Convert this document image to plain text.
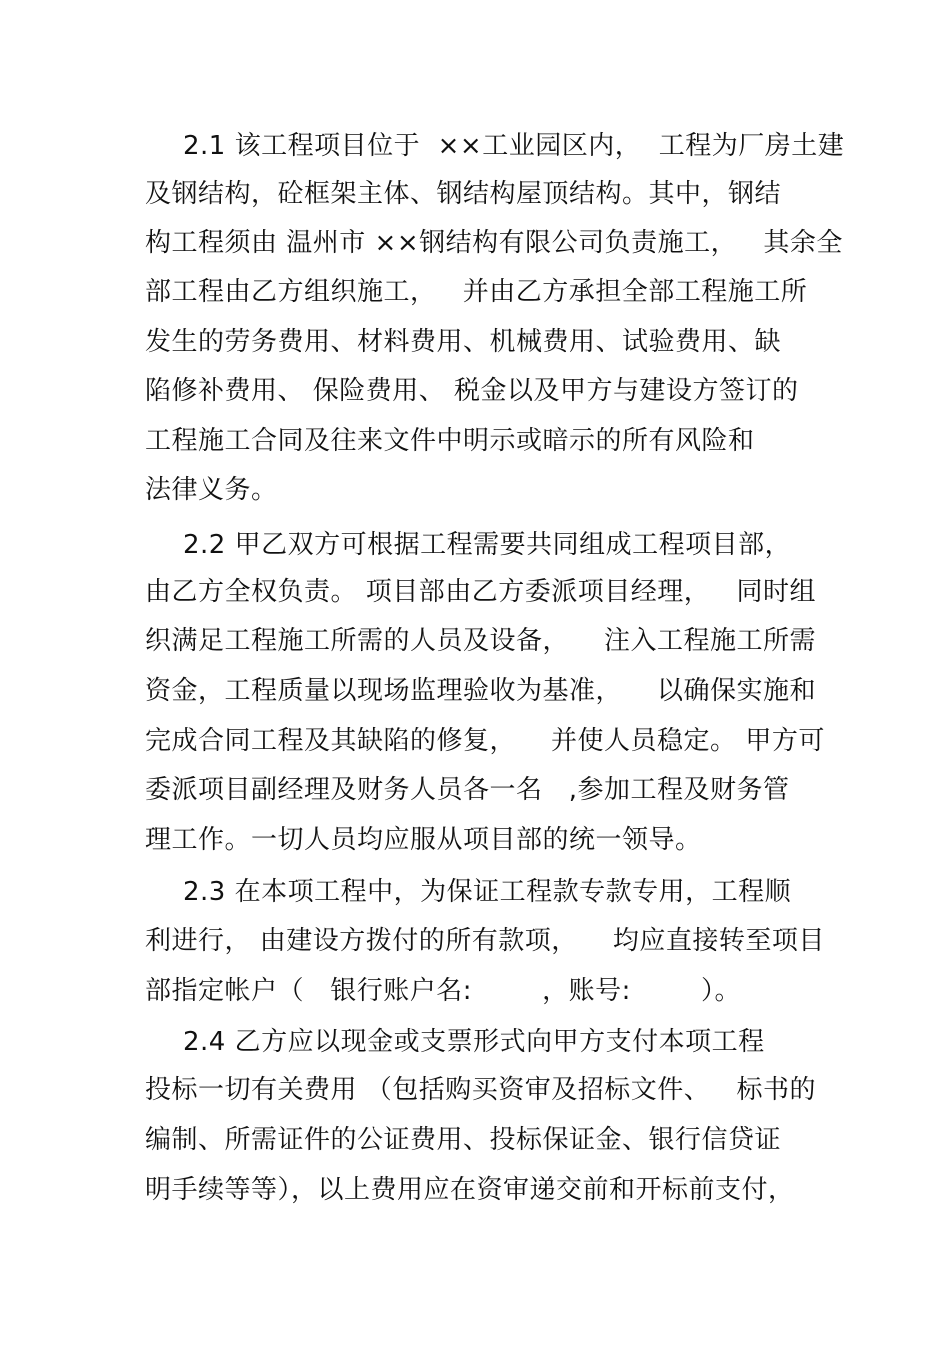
2.1 该工程项目位于  ××工业园区内，  工程为厂房土建
及钢结构，砼框架主体、钢结构屋顶结构。其中，钢结
构工程须由 温州市 ××钢结构有限公司负责施工，   其余全
部工程由乙方组织施工，   并由乙方承担全部工程施工所
发生的劳务费用、材料费用、机械费用、试验费用、缺
陷修补费用、 保险费用、 税金以及甲方与建设方签订的
工程施工合同及往来文件中明示或暗示的所有风险和
法律义务。
2.2 甲乙双方可根据工程需要共同组成工程项目部，
由乙方全权负责。 项目部由乙方委派项目经理，   同时组
织满足工程施工所需的人员及设备，    注入工程施工所需
资金，工程质量以现场监理验收为基准，    以确保实施和
完成合同工程及其缺陷的修复，    并使人员稳定。 甲方可
委派项目副经理及财务人员各一名   ,参加工程及财务管
理工作。一切人员均应服从项目部的统一领导。
2.3 在本项工程中，为保证工程款专款专用，工程顺
利进行， 由建设方拨付的所有款项，    均应直接转至项目
部指定帐户（   银行账户名:        ，账号:        ）。
2.4 乙方应以现金或支票形式向甲方支付本项工程
投标一切有关费用 （包括购买资审及招标文件、   标书的
编制、所需证件的公证费用、投标保证金、银行信贷证
明手续等等），以上费用应在资审递交前和开标前支付，
